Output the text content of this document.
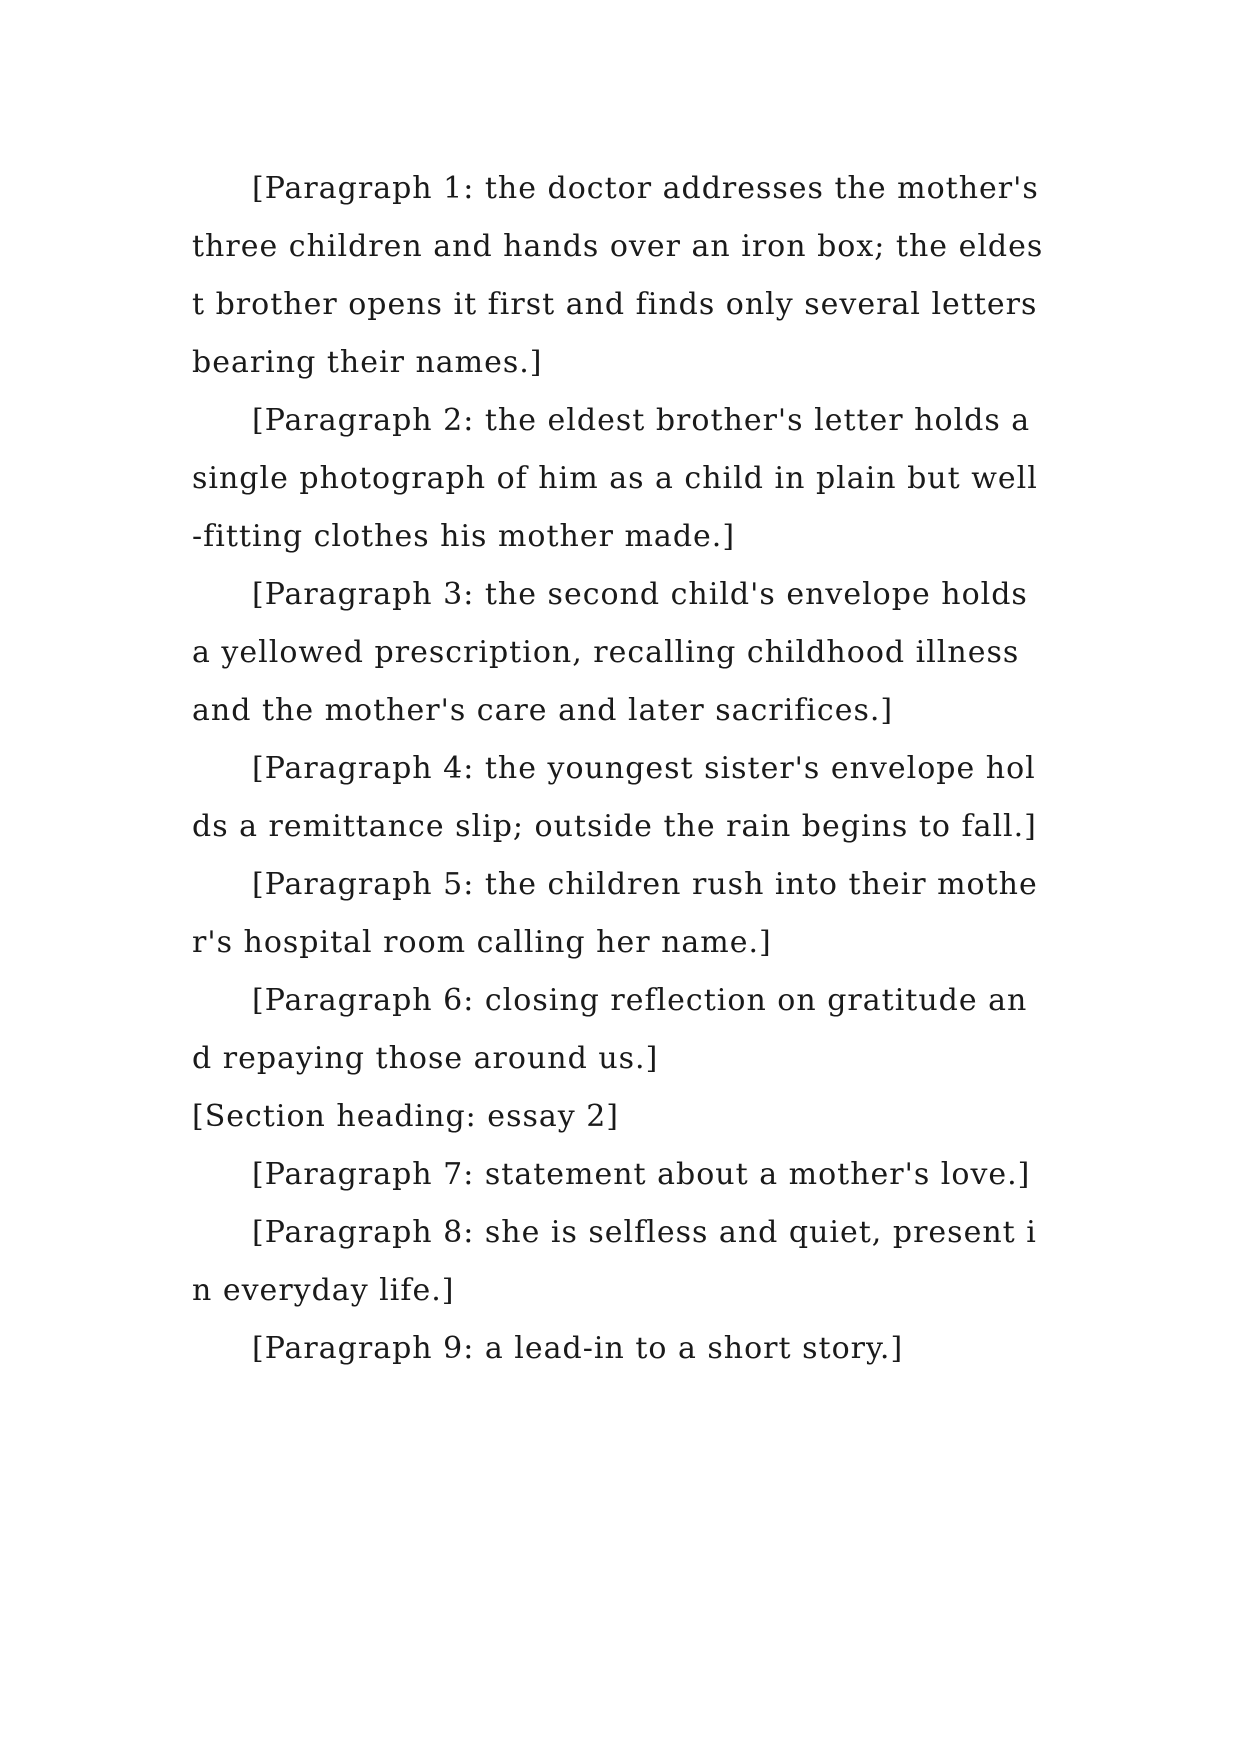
[Paragraph 1: the doctor addresses the mother's three children and hands over an iron box; the eldest brother opens it first and finds only several letters bearing their names.]

[Paragraph 2: the eldest brother's letter holds a single photograph of him as a child in plain but well-fitting clothes his mother made.]

[Paragraph 3: the second child's envelope holds a yellowed prescription, recalling childhood illness and the mother's care and later sacrifices.]

[Paragraph 4: the youngest sister's envelope holds a remittance slip; outside the rain begins to fall.]

[Paragraph 5: the children rush into their mother's hospital room calling her name.]

[Paragraph 6: closing reflection on gratitude and repaying those around us.]

[Section heading: essay 2]

[Paragraph 7: statement about a mother's love.]

[Paragraph 8: she is selfless and quiet, present in everyday life.]

[Paragraph 9: a lead-in to a short story.]
